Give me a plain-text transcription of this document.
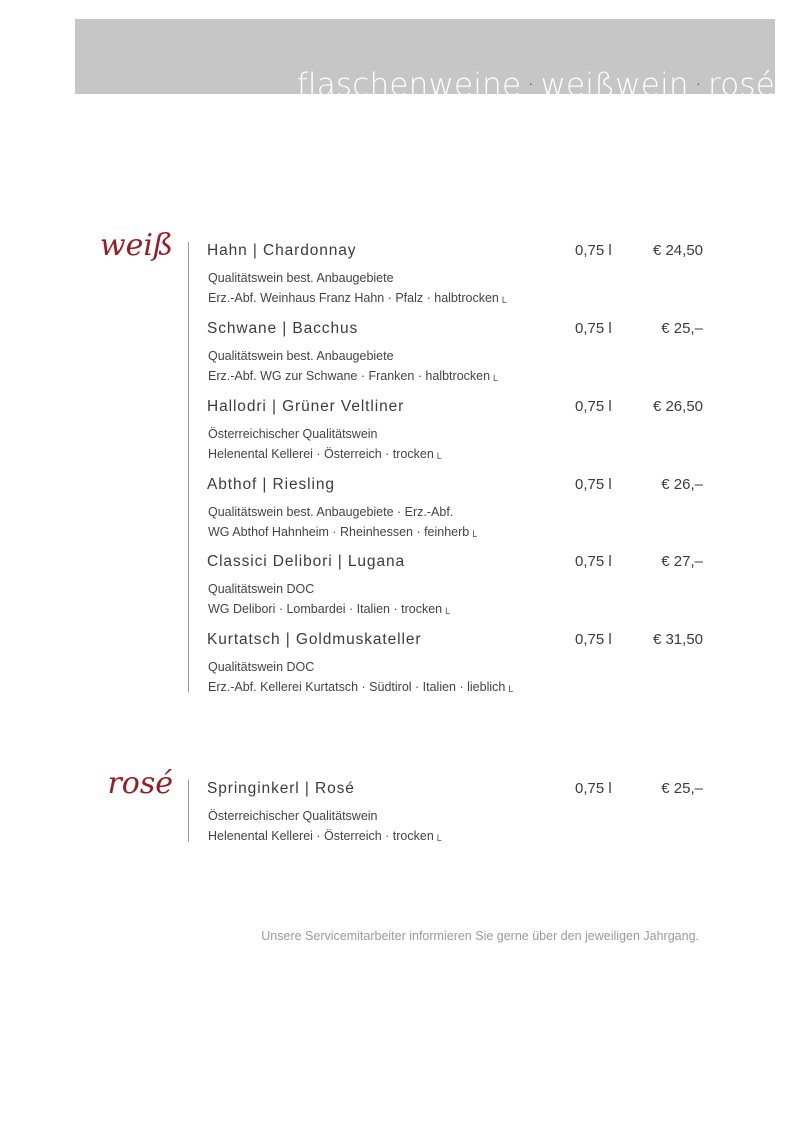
flaschenweine · weißwein · rosé
weiß Hahn | Chardonnay	0,75 l	€ 24,50
Qualitätswein best. Anbaugebiete
Erz.-Abf. Weinhaus Franz Hahn · Pfalz · halbtrocken L
Schwane | Bacchus	0,75 l	€ 25,–
Qualitätswein best. Anbaugebiete
Erz.-Abf. WG zur Schwane · Franken · halbtrocken L
Hallodri | Grüner Veltliner	0,75 l	€ 26,50
Österreichischer Qualitätswein
Helenental Kellerei · Österreich · trocken L
Abthof | Riesling	0,75 l	€ 26,–
Qualitätswein best. Anbaugebiete · Erz.-Abf.
WG Abthof Hahnheim · Rheinhessen · feinherb L
Classici Delibori | Lugana	0,75 l	€ 27,–
Qualitätswein DOC
WG Delibori · Lombardei · Italien · trocken L
Kurtatsch | Goldmuskateller	0,75 l	€ 31,50
Qualitätswein DOC
Erz.-Abf. Kellerei Kurtatsch · Südtirol · Italien · lieblich L
rosé Springinkerl | Rosé	0,75 l	€ 25,–
Österreichischer Qualitätswein
Helenental Kellerei · Österreich · trocken L
Unsere Servicemitarbeiter informieren Sie gerne über den jeweiligen Jahrgang.
